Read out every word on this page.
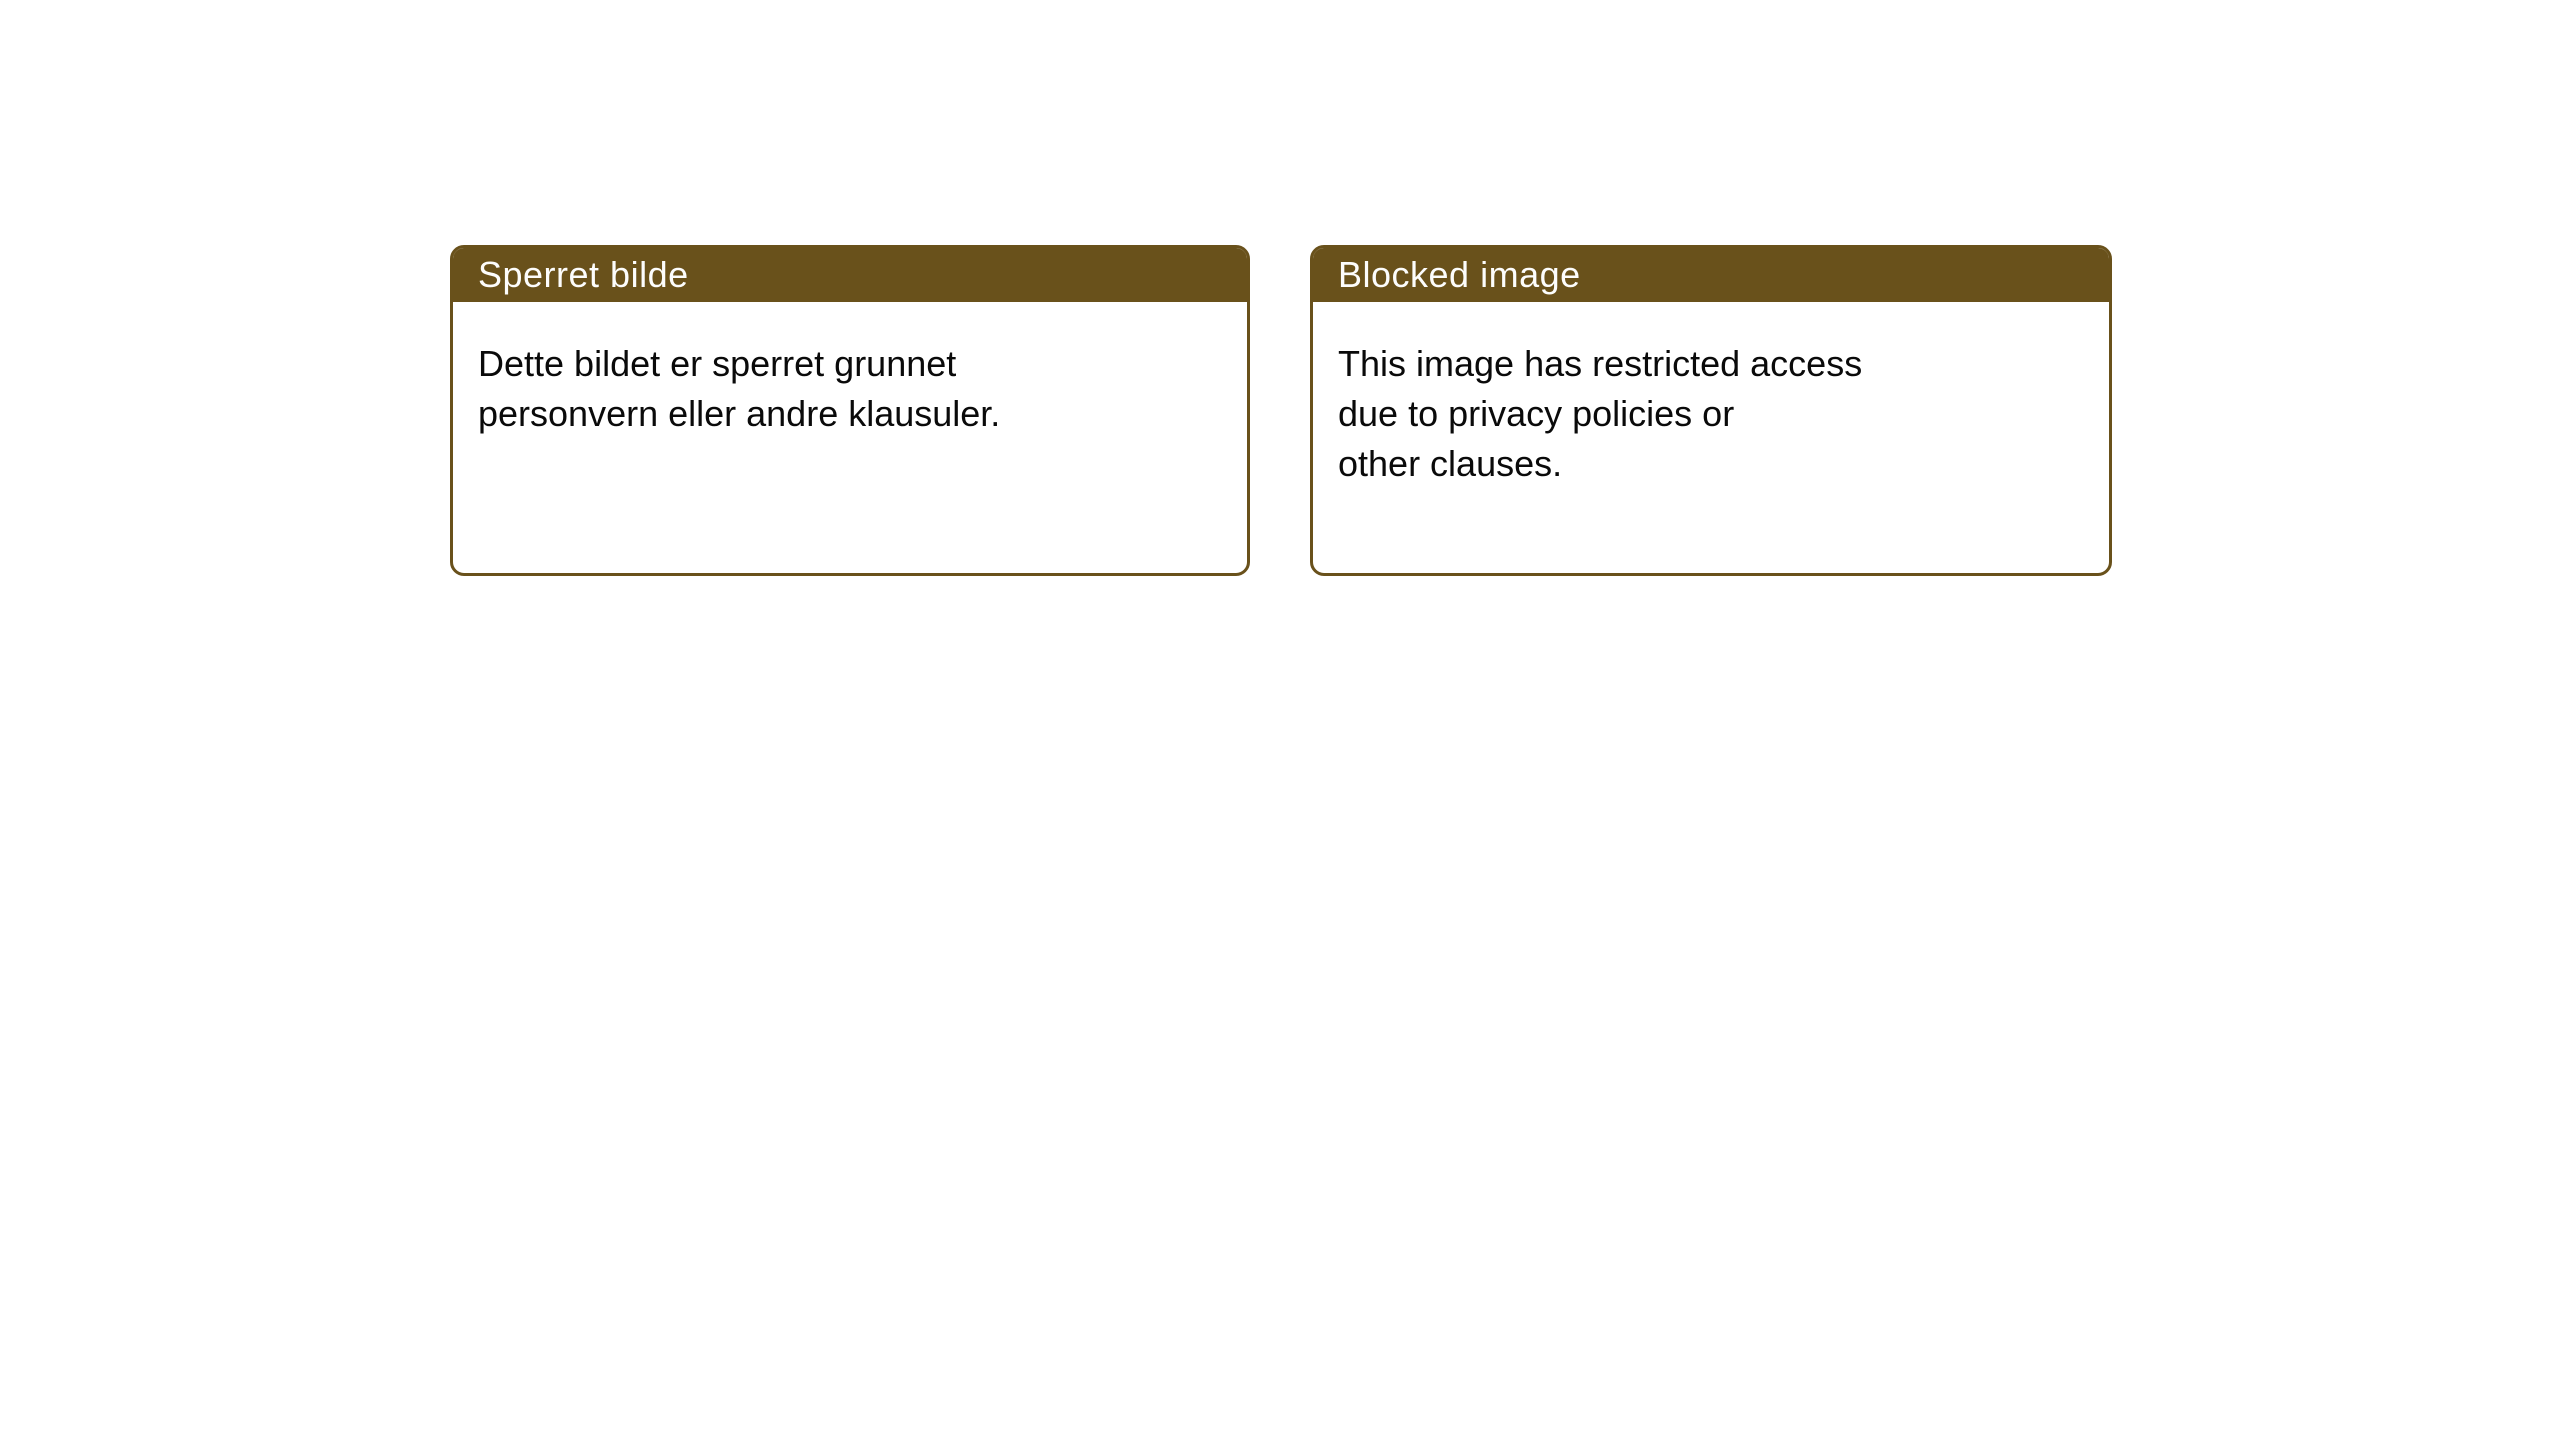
Sperret bilde
Dette bildet er sperret grunnet
personvern eller andre klausuler.
Blocked image
This image has restricted access
due to privacy policies or
other clauses.
